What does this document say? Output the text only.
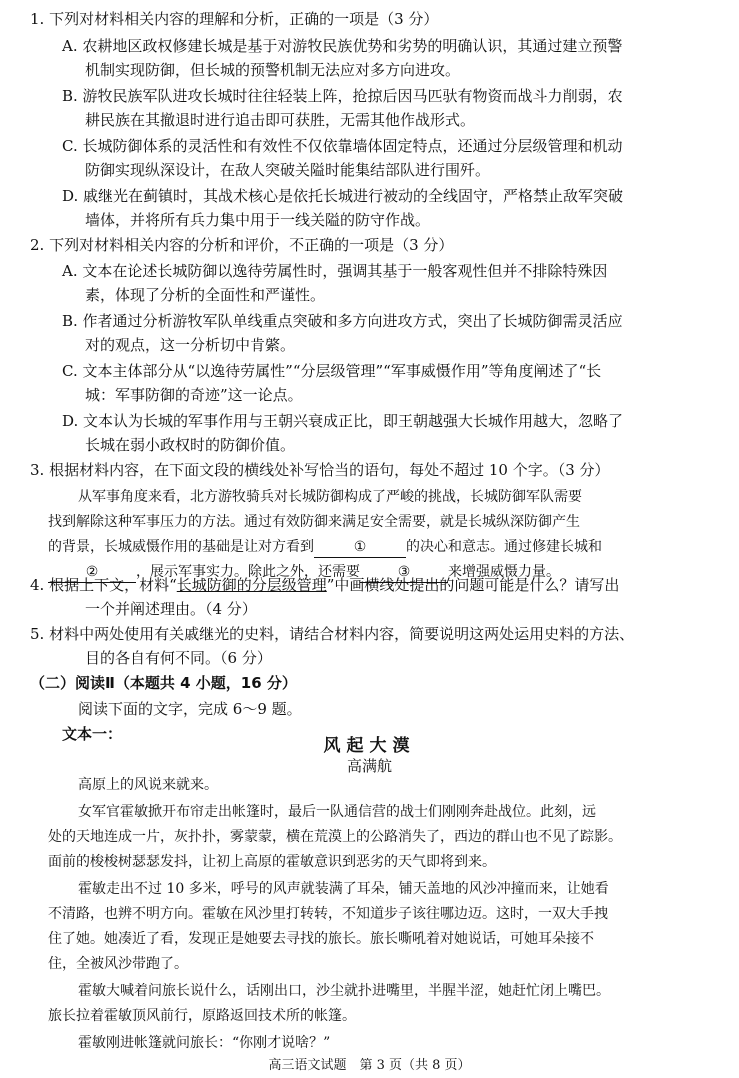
1. 下列对材料相关内容的理解和分析，正确的一项是（3 分）
A. 农耕地区政权修建长城是基于对游牧民族优势和劣势的明确认识，其通过建立预警
机制实现防御，但长城的预警机制无法应对多方向进攻。
B. 游牧民族军队进攻长城时往往轻装上阵，抢掠后因马匹驮有物资而战斗力削弱，农
耕民族在其撤退时进行追击即可获胜，无需其他作战形式。
C. 长城防御体系的灵活性和有效性不仅依靠墙体固定特点，还通过分层级管理和机动
防御实现纵深设计，在敌人突破关隘时能集结部队进行围歼。
D. 戚继光在蓟镇时，其战术核心是依托长城进行被动的全线固守，严格禁止敌军突破
墙体，并将所有兵力集中用于一线关隘的防守作战。
2. 下列对材料相关内容的分析和评价，不正确的一项是（3 分）
A. 文本在论述长城防御以逸待劳属性时，强调其基于一般客观性但并不排除特殊因
素，体现了分析的全面性和严谨性。
B. 作者通过分析游牧军队单线重点突破和多方向进攻方式，突出了长城防御需灵活应
对的观点，这一分析切中肯綮。
C. 文本主体部分从“以逸待劳属性”“分层级管理”“军事威慑作用”等角度阐述了“长
城：军事防御的奇迹”这一论点。
D. 文本认为长城的军事作用与王朝兴衰成正比，即王朝越强大长城作用越大，忽略了
长城在弱小政权时的防御价值。
3. 根据材料内容，在下面文段的横线处补写恰当的语句，每处不超过 10 个字。（3 分）
从军事角度来看，北方游牧骑兵对长城防御构成了严峻的挑战，长城防御军队需要
找到解除这种军事压力的方法。通过有效防御来满足安全需要，就是长城纵深防御产生
一个并阐述理由。（4 分）
5. 材料中两处使用有关戚继光的史料，请结合材料内容，简要说明这两处运用史料的方法、
目的各自有何不同。（6 分）
高原上的风说来就来。
女军官霍敏掀开布帘走出帐篷时，最后一队通信营的战士们刚刚奔赴战位。此刻，远
处的天地连成一片，灰扑扑，雾蒙蒙，横在荒漠上的公路消失了，西边的群山也不见了踪影。
面前的梭梭树瑟瑟发抖，让初上高原的霍敏意识到恶劣的天气即将到来。
霍敏走出不过 10 多米，呼号的风声就装满了耳朵，铺天盖地的风沙冲撞而来，让她看
不清路，也辨不明方向。霍敏在风沙里打转转，不知道步子该往哪边迈。这时，一双大手拽
住了她。她凑近了看，发现正是她要去寻找的旅长。旅长嘶吼着对她说话，可她耳朵接不
住，全被风沙带跑了。
霍敏大喊着问旅长说什么，话刚出口，沙尘就扑进嘴里，半腥半涩，她赶忙闭上嘴巴。
旅长拉着霍敏顶风前行，原路返回技术所的帐篷。
霍敏刚进帐篷就问旅长：“你刚才说啥？”
的背景，长城威慑作用的基础是让对方看到	①	的决心和意志。通过修建长城和
②	，展示军事实力。除此之外，还需要	③	来增强威慑力量。
4. 根据上下文，材料“长城防御的分层级管理”中画横线处提出的问题可能是什么？请写出
（二）阅读Ⅱ（本题共 4 小题，16 分）
阅读下面的文字，完成 6～9 题。
文本一：
风起大漠
高满航
高三语文试题　第 3 页（共 8 页）
